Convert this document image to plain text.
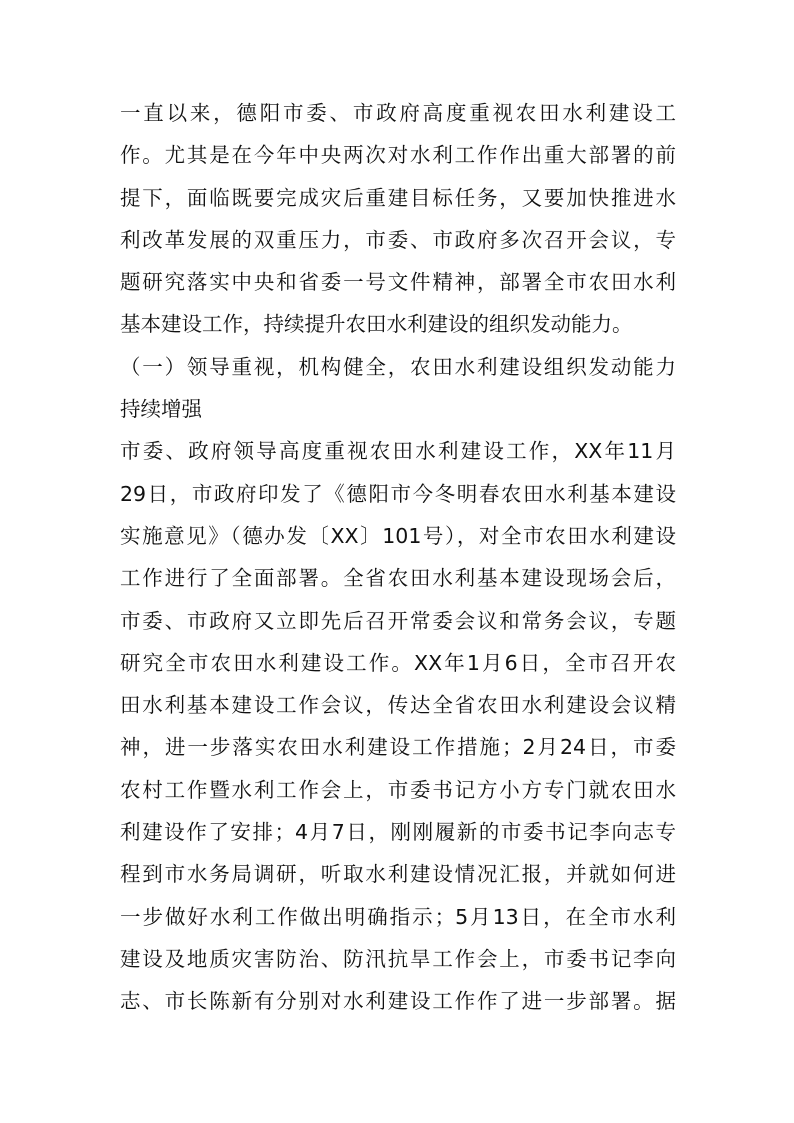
一直以来，德阳市委、市政府高度重视农田水利建设工
作。尤其是在今年中央两次对水利工作作出重大部署的前
提下，面临既要完成灾后重建目标任务，又要加快推进水
利改革发展的双重压力，市委、市政府多次召开会议，专
题研究落实中央和省委一号文件精神，部署全市农田水利
基本建设工作，持续提升农田水利建设的组织发动能力。

（一）领导重视，机构健全，农田水利建设组织发动能力
持续增强

市委、政府领导高度重视农田水利建设工作，XX年11月
29日，市政府印发了《德阳市今冬明春农田水利基本建设
实施意见》（德办发〔XX〕101号），对全市农田水利建设
工作进行了全面部署。全省农田水利基本建设现场会后，
市委、市政府又立即先后召开常委会议和常务会议，专题
研究全市农田水利建设工作。XX年1月6日，全市召开农
田水利基本建设工作会议，传达全省农田水利建设会议精
神，进一步落实农田水利建设工作措施；2月24日，市委
农村工作暨水利工作会上，市委书记方小方专门就农田水
利建设作了安排；4月7日，刚刚履新的市委书记李向志专
程到市水务局调研，听取水利建设情况汇报，并就如何进
一步做好水利工作做出明确指示；5月13日，在全市水利
建设及地质灾害防治、防汛抗旱工作会上，市委书记李向
志、市长陈新有分别对水利建设工作作了进一步部署。据
